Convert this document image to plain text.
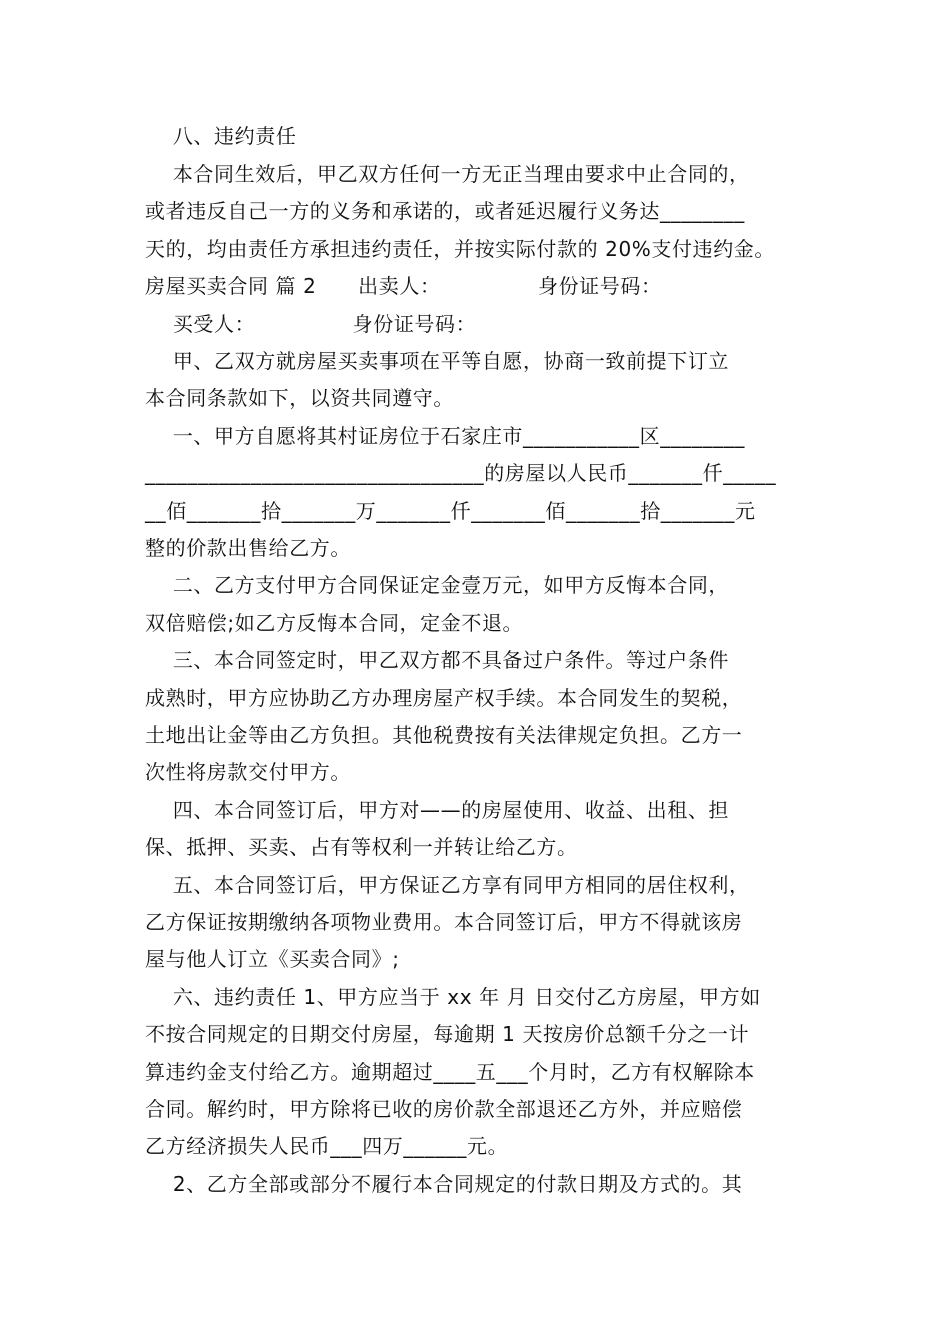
八、违约责任
本合同生效后，甲乙双方任何一方无正当理由要求中止合同的，
或者违反自己一方的义务和承诺的，或者延迟履行义务达________
天的，均由责任方承担违约责任，并按实际付款的 20%支付违约金。
房屋买卖合同 篇 2      出卖人：              身份证号码：
买受人：              身份证号码：
甲、乙双方就房屋买卖事项在平等自愿，协商一致前提下订立
本合同条款如下，以资共同遵守。
一、甲方自愿将其村证房位于石家庄市___________区________
________________________________的房屋以人民币_______仟_____
__佰_______拾_______万_______仟_______佰_______拾_______元
整的价款出售给乙方。
二、乙方支付甲方合同保证定金壹万元，如甲方反悔本合同，
双倍赔偿;如乙方反悔本合同，定金不退。
三、本合同签定时，甲乙双方都不具备过户条件。等过户条件
成熟时，甲方应协助乙方办理房屋产权手续。本合同发生的契税，
土地出让金等由乙方负担。其他税费按有关法律规定负担。乙方一
次性将房款交付甲方。
四、本合同签订后，甲方对——的房屋使用、收益、出租、担
保、抵押、买卖、占有等权利一并转让给乙方。
五、本合同签订后，甲方保证乙方享有同甲方相同的居住权利，
乙方保证按期缴纳各项物业费用。本合同签订后，甲方不得就该房
屋与他人订立《买卖合同》;
六、违约责任 1、甲方应当于 xx 年 月 日交付乙方房屋，甲方如
不按合同规定的日期交付房屋，每逾期 1 天按房价总额千分之一计
算违约金支付给乙方。逾期超过____五___个月时，乙方有权解除本
合同。解约时，甲方除将已收的房价款全部退还乙方外，并应赔偿
乙方经济损失人民币___四万______元。
2、乙方全部或部分不履行本合同规定的付款日期及方式的。其
